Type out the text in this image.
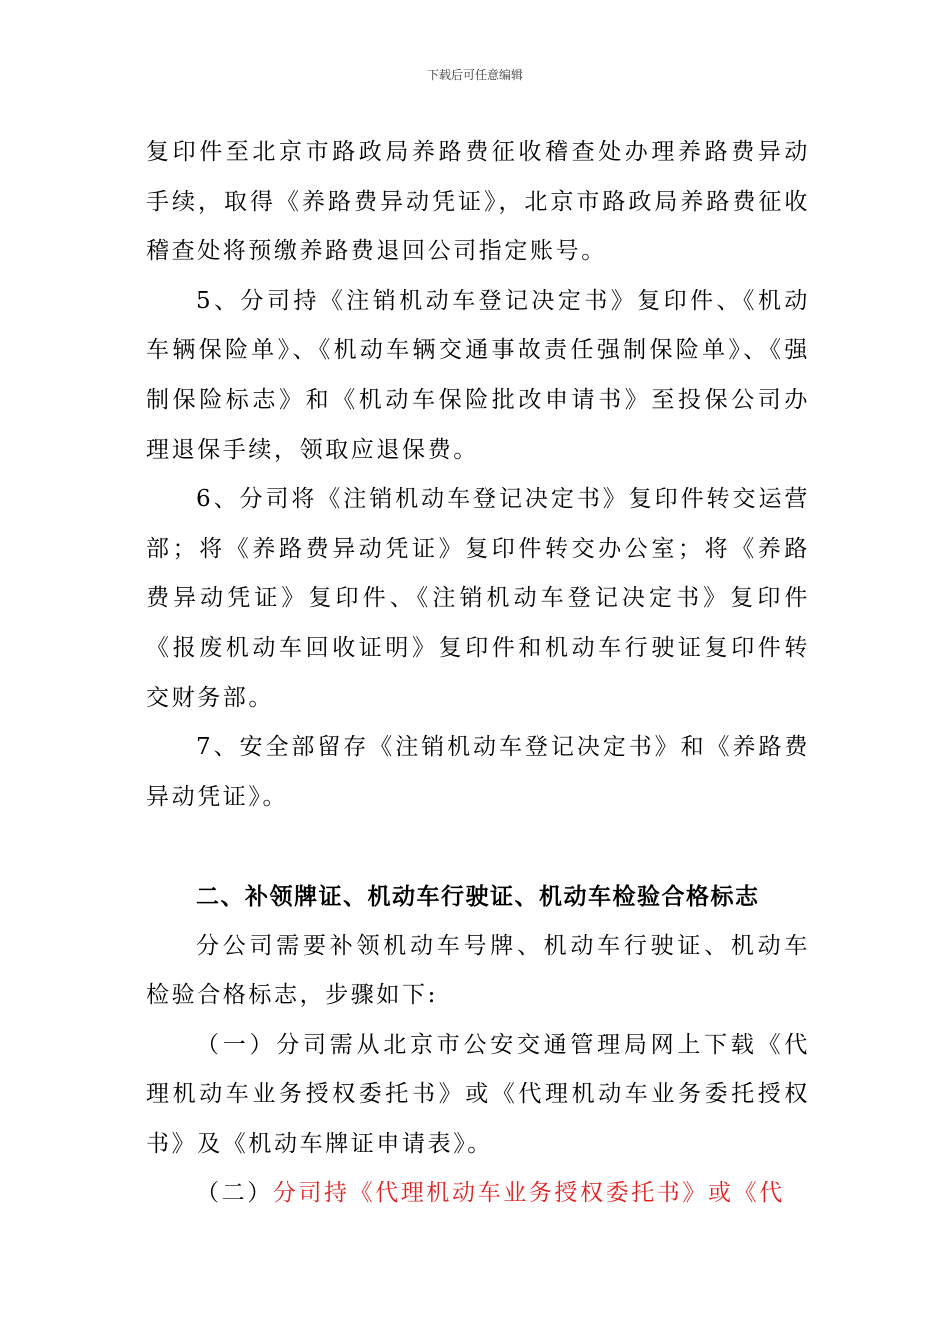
下载后可任意编辑

复印件至北京市路政局养路费征收稽查处办理养路费异动手续，取得《养路费异动凭证》，北京市路政局养路费征收稽查处将预缴养路费退回公司指定账号。

5、分司持《注销机动车登记决定书》复印件、《机动车辆保险单》、《机动车辆交通事故责任强制保险单》、《强制保险标志》和《机动车保险批改申请书》至投保公司办理退保手续，领取应退保费。

6、分司将《注销机动车登记决定书》复印件转交运营部；将《养路费异动凭证》复印件转交办公室；将《养路费异动凭证》复印件、《注销机动车登记决定书》复印件《报废机动车回收证明》复印件和机动车行驶证复印件转交财务部。

7、安全部留存《注销机动车登记决定书》和《养路费异动凭证》。

二、补领牌证、机动车行驶证、机动车检验合格标志

分公司需要补领机动车号牌、机动车行驶证、机动车检验合格标志，步骤如下:

（一）分司需从北京市公安交通管理局网上下载《代理机动车业务授权委托书》或《代理机动车业务委托授权书》及《机动车牌证申请表》。

（二）分司持《代理机动车业务授权委托书》或《代
